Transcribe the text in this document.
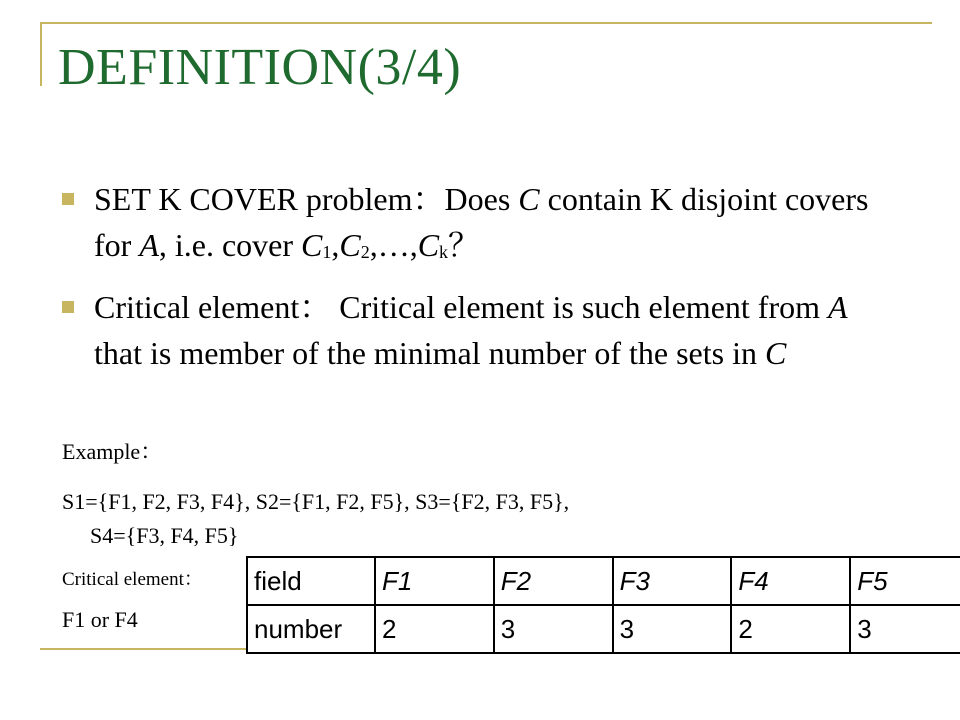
DEFINITION(3/4)
SET K COVER problem：Does C contain K disjoint covers for A, i.e. cover $C_1,C_2,\dots,C_k$？
Critical element： Critical element is such element from A that is member of the minimal number of the sets in C
Example：
S1={F1, F2, F3, F4}, S2={F1, F2, F5}, S3={F2, F3, F5},
S4={F3, F4, F5}
Critical element：
F1 or F4
field	F1	F2	F3	F4	F5
number	2	3	3	2	3
